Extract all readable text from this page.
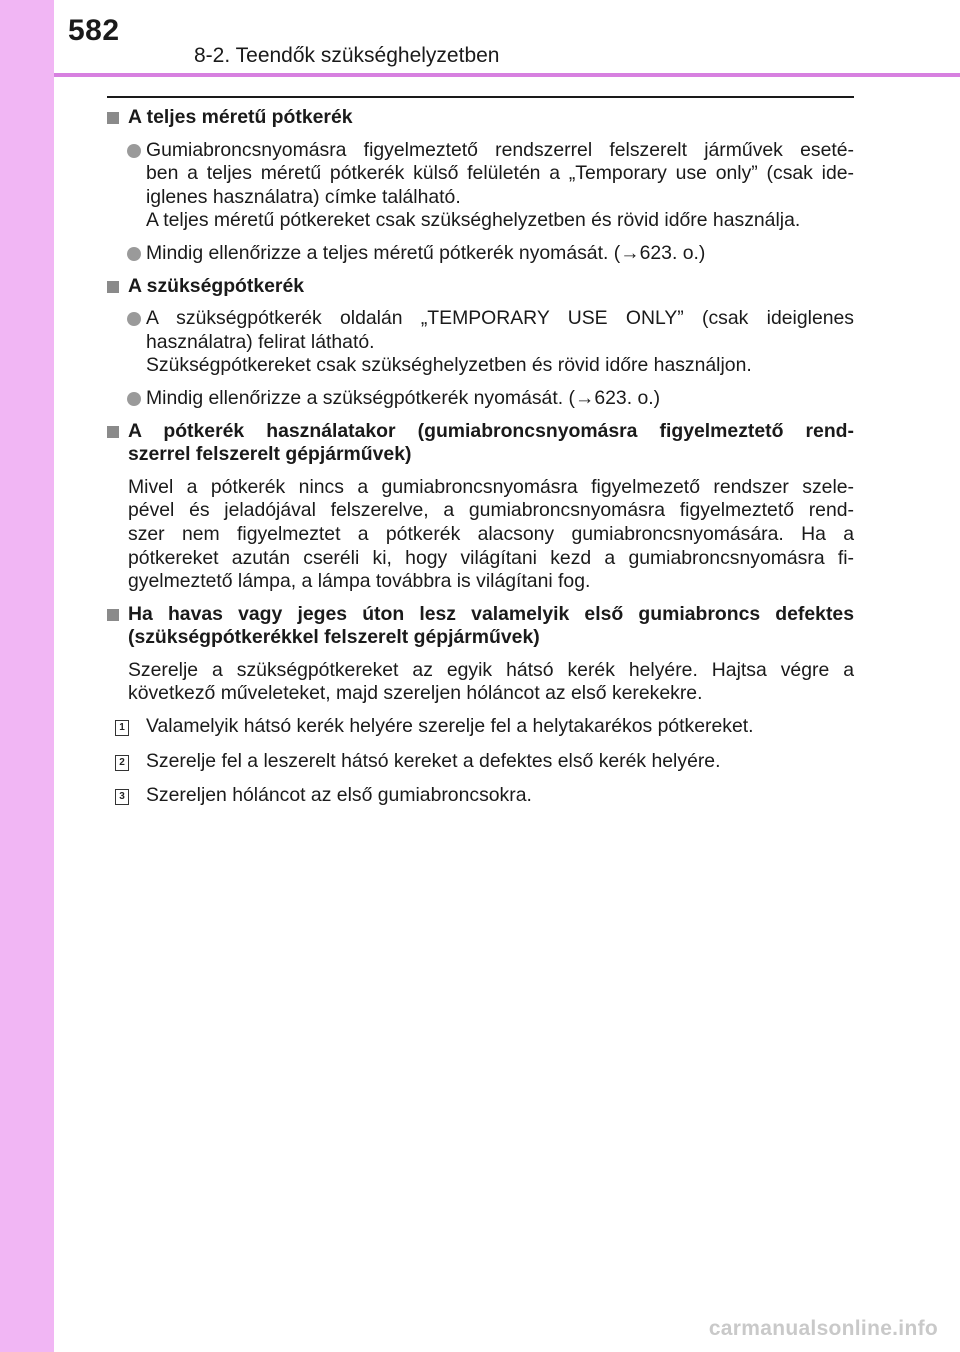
582
8-2. Teendők szükséghelyzetben
A teljes méretű pótkerék
Gumiabroncsnyomásra figyelmeztető rendszerrel felszerelt járművek eseté-
ben a teljes méretű pótkerék külső felületén a „Temporary use only” (csak ide-
iglenes használatra) címke található.
A teljes méretű pótkereket csak szükséghelyzetben és rövid időre használja.
Mindig ellenőrizze a teljes méretű pótkerék nyomását. (→623. o.)
A szükségpótkerék
A szükségpótkerék oldalán „TEMPORARY USE ONLY” (csak ideiglenes
használatra) felirat látható.
Szükségpótkereket csak szükséghelyzetben és rövid időre használjon.
Mindig ellenőrizze a szükségpótkerék nyomását. (→623. o.)
A pótkerék használatakor (gumiabroncsnyomásra figyelmeztető rend-
szerrel felszerelt gépjárművek)
Mivel a pótkerék nincs a gumiabroncsnyomásra figyelmezető rendszer szele-
pével és jeladójával felszerelve, a gumiabroncsnyomásra figyelmeztető rend-
szer nem figyelmeztet a pótkerék alacsony gumiabroncsnyomására. Ha a
pótkereket azután cseréli ki, hogy világítani kezd a gumiabroncsnyomásra fi-
gyelmeztető lámpa, a lámpa továbbra is világítani fog.
Ha havas vagy jeges úton lesz valamelyik első gumiabroncs defektes
(szükségpótkerékkel felszerelt gépjárművek)
Szerelje a szükségpótkereket az egyik hátsó kerék helyére. Hajtsa végre a
következő műveleteket, majd szereljen hóláncot az első kerekekre.
1 Valamelyik hátsó kerék helyére szerelje fel a helytakarékos pótkereket.
2 Szerelje fel a leszerelt hátsó kereket a defektes első kerék helyére.
3 Szereljen hóláncot az első gumiabroncsokra.
carmanualsonline.info
